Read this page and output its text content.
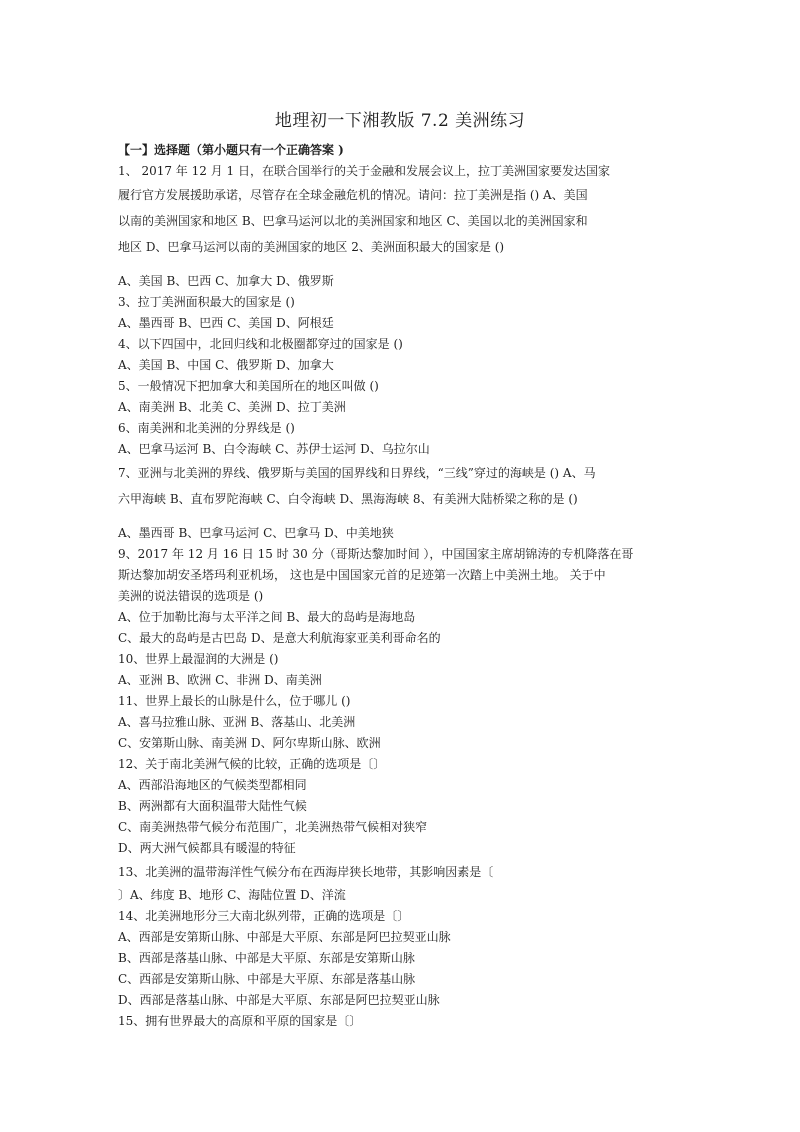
地理初一下湘教版 7.2 美洲练习
【一】选择题（第小题只有一个正确答案 )
1、 2017 年 12 月 1 日，在联合国举行的关于金融和发展会议上，拉丁美洲国家要发达国家
履行官方发展援助承诺，尽管存在全球金融危机的情况。请问：拉丁美洲是指 () A、美国
以南的美洲国家和地区 B、巴拿马运河以北的美洲国家和地区 C、美国以北的美洲国家和
地区 D、巴拿马运河以南的美洲国家的地区 2、美洲面积最大的国家是 ()
A、美国 B、巴西 C、加拿大 D、俄罗斯
3、拉丁美洲面积最大的国家是 ()
A、墨西哥 B、巴西 C、美国 D、阿根廷
4、以下四国中，北回归线和北极圈都穿过的国家是 ()
A、美国 B、中国 C、俄罗斯 D、加拿大
5、一般情况下把加拿大和美国所在的地区叫做 ()
A、南美洲 B、北美 C、美洲 D、拉丁美洲
6、南美洲和北美洲的分界线是 ()
A、巴拿马运河 B、白令海峡 C、苏伊士运河 D、乌拉尔山
7、亚洲与北美洲的界线、俄罗斯与美国的国界线和日界线，“三线”穿过的海峡是 () A、马
六甲海峡 B、直布罗陀海峡 C、白令海峡 D、黑海海峡 8、有美洲大陆桥梁之称的是 ()
A、墨西哥 B、巴拿马运河 C、巴拿马 D、中美地狭
9、2017 年 12 月 16 日 15 时 30 分（哥斯达黎加时间 ），中国国家主席胡锦涛的专机降落在哥
斯达黎加胡安圣塔玛利亚机场， 这也是中国国家元首的足迹第一次踏上中美洲土地。 关于中
美洲的说法错误的选项是 ()
A、位于加勒比海与太平洋之间 B、最大的岛屿是海地岛
C、最大的岛屿是古巴岛 D、是意大利航海家亚美利哥命名的
10、世界上最湿润的大洲是 ()
A、亚洲 B、欧洲 C、非洲 D、南美洲
11、世界上最长的山脉是什么，位于哪儿 ()
A、喜马拉雅山脉、亚洲 B、落基山、北美洲
C、安第斯山脉、南美洲 D、阿尔卑斯山脉、欧洲
12、关于南北美洲气候的比较，正确的选项是〔〕
A、西部沿海地区的气候类型都相同
B、两洲都有大面积温带大陆性气候
C、南美洲热带气候分布范围广，北美洲热带气候相对狭窄
D、两大洲气候都具有暖湿的特征
13、北美洲的温带海洋性气候分布在西海岸狭长地带，其影响因素是〔
〕A、纬度 B、地形 C、海陆位置 D、洋流
14、北美洲地形分三大南北纵列带，正确的选项是〔〕
A、西部是安第斯山脉、中部是大平原、东部是阿巴拉契亚山脉
B、西部是落基山脉、中部是大平原、东部是安第斯山脉
C、西部是安第斯山脉、中部是大平原、东部是落基山脉
D、西部是落基山脉、中部是大平原、东部是阿巴拉契亚山脉
15、拥有世界最大的高原和平原的国家是〔〕
